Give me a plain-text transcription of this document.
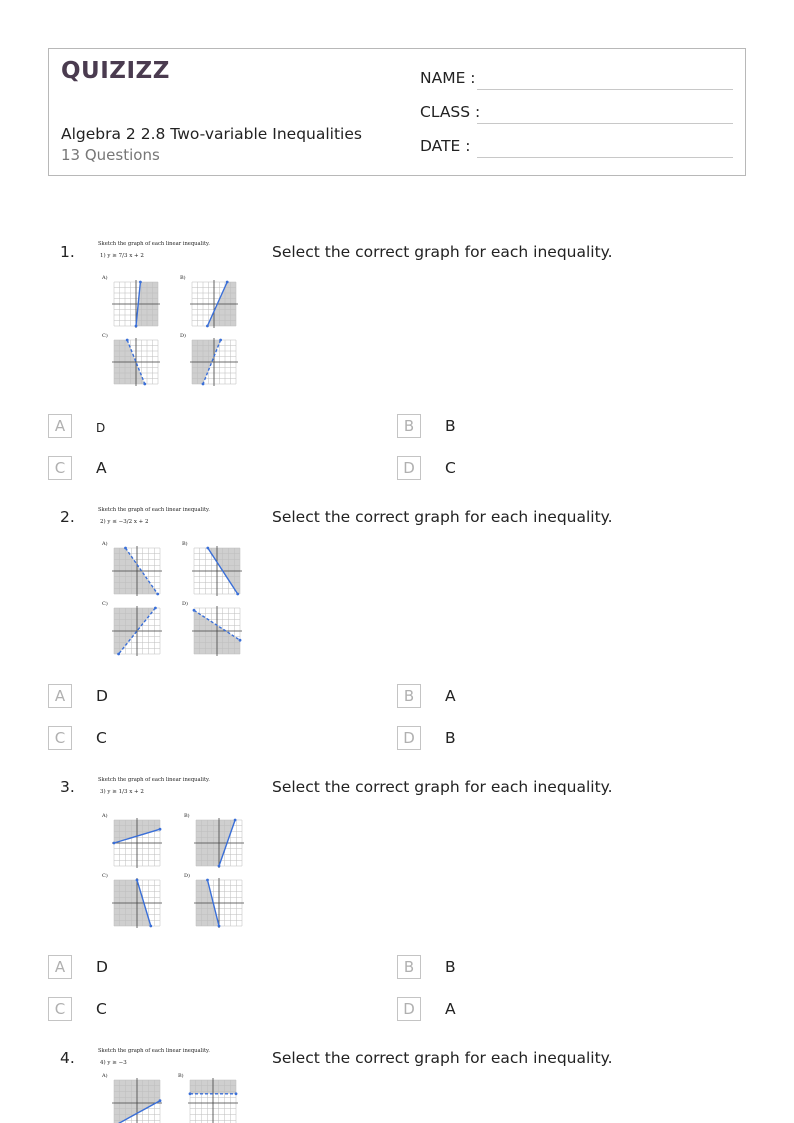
QUIZIZZ
Algebra 2 2.8 Two-variable Inequalities
13 Questions
NAME :
CLASS :
DATE :
1.	Select the correct graph for each inequality.
Sketch the graph of each linear inequality.
1) y ≥ 7/3 x + 2
A)	B)
C)	D)
A	D	B	B
C	A	D	C
2.	Select the correct graph for each inequality.
Sketch the graph of each linear inequality.
2) y ≤ −3/2 x + 2
A)	B)
C)	D)
A	D	B	A
C	C	D	B
3.	Select the correct graph for each inequality.
Sketch the graph of each linear inequality.
3) y ≥ 1/3 x + 2
A)	B)
C)	D)
A	D	B	B
C	C	D	A
4.	Select the correct graph for each inequality.
Sketch the graph of each linear inequality.
4) y ≥ −3
A)	B)
